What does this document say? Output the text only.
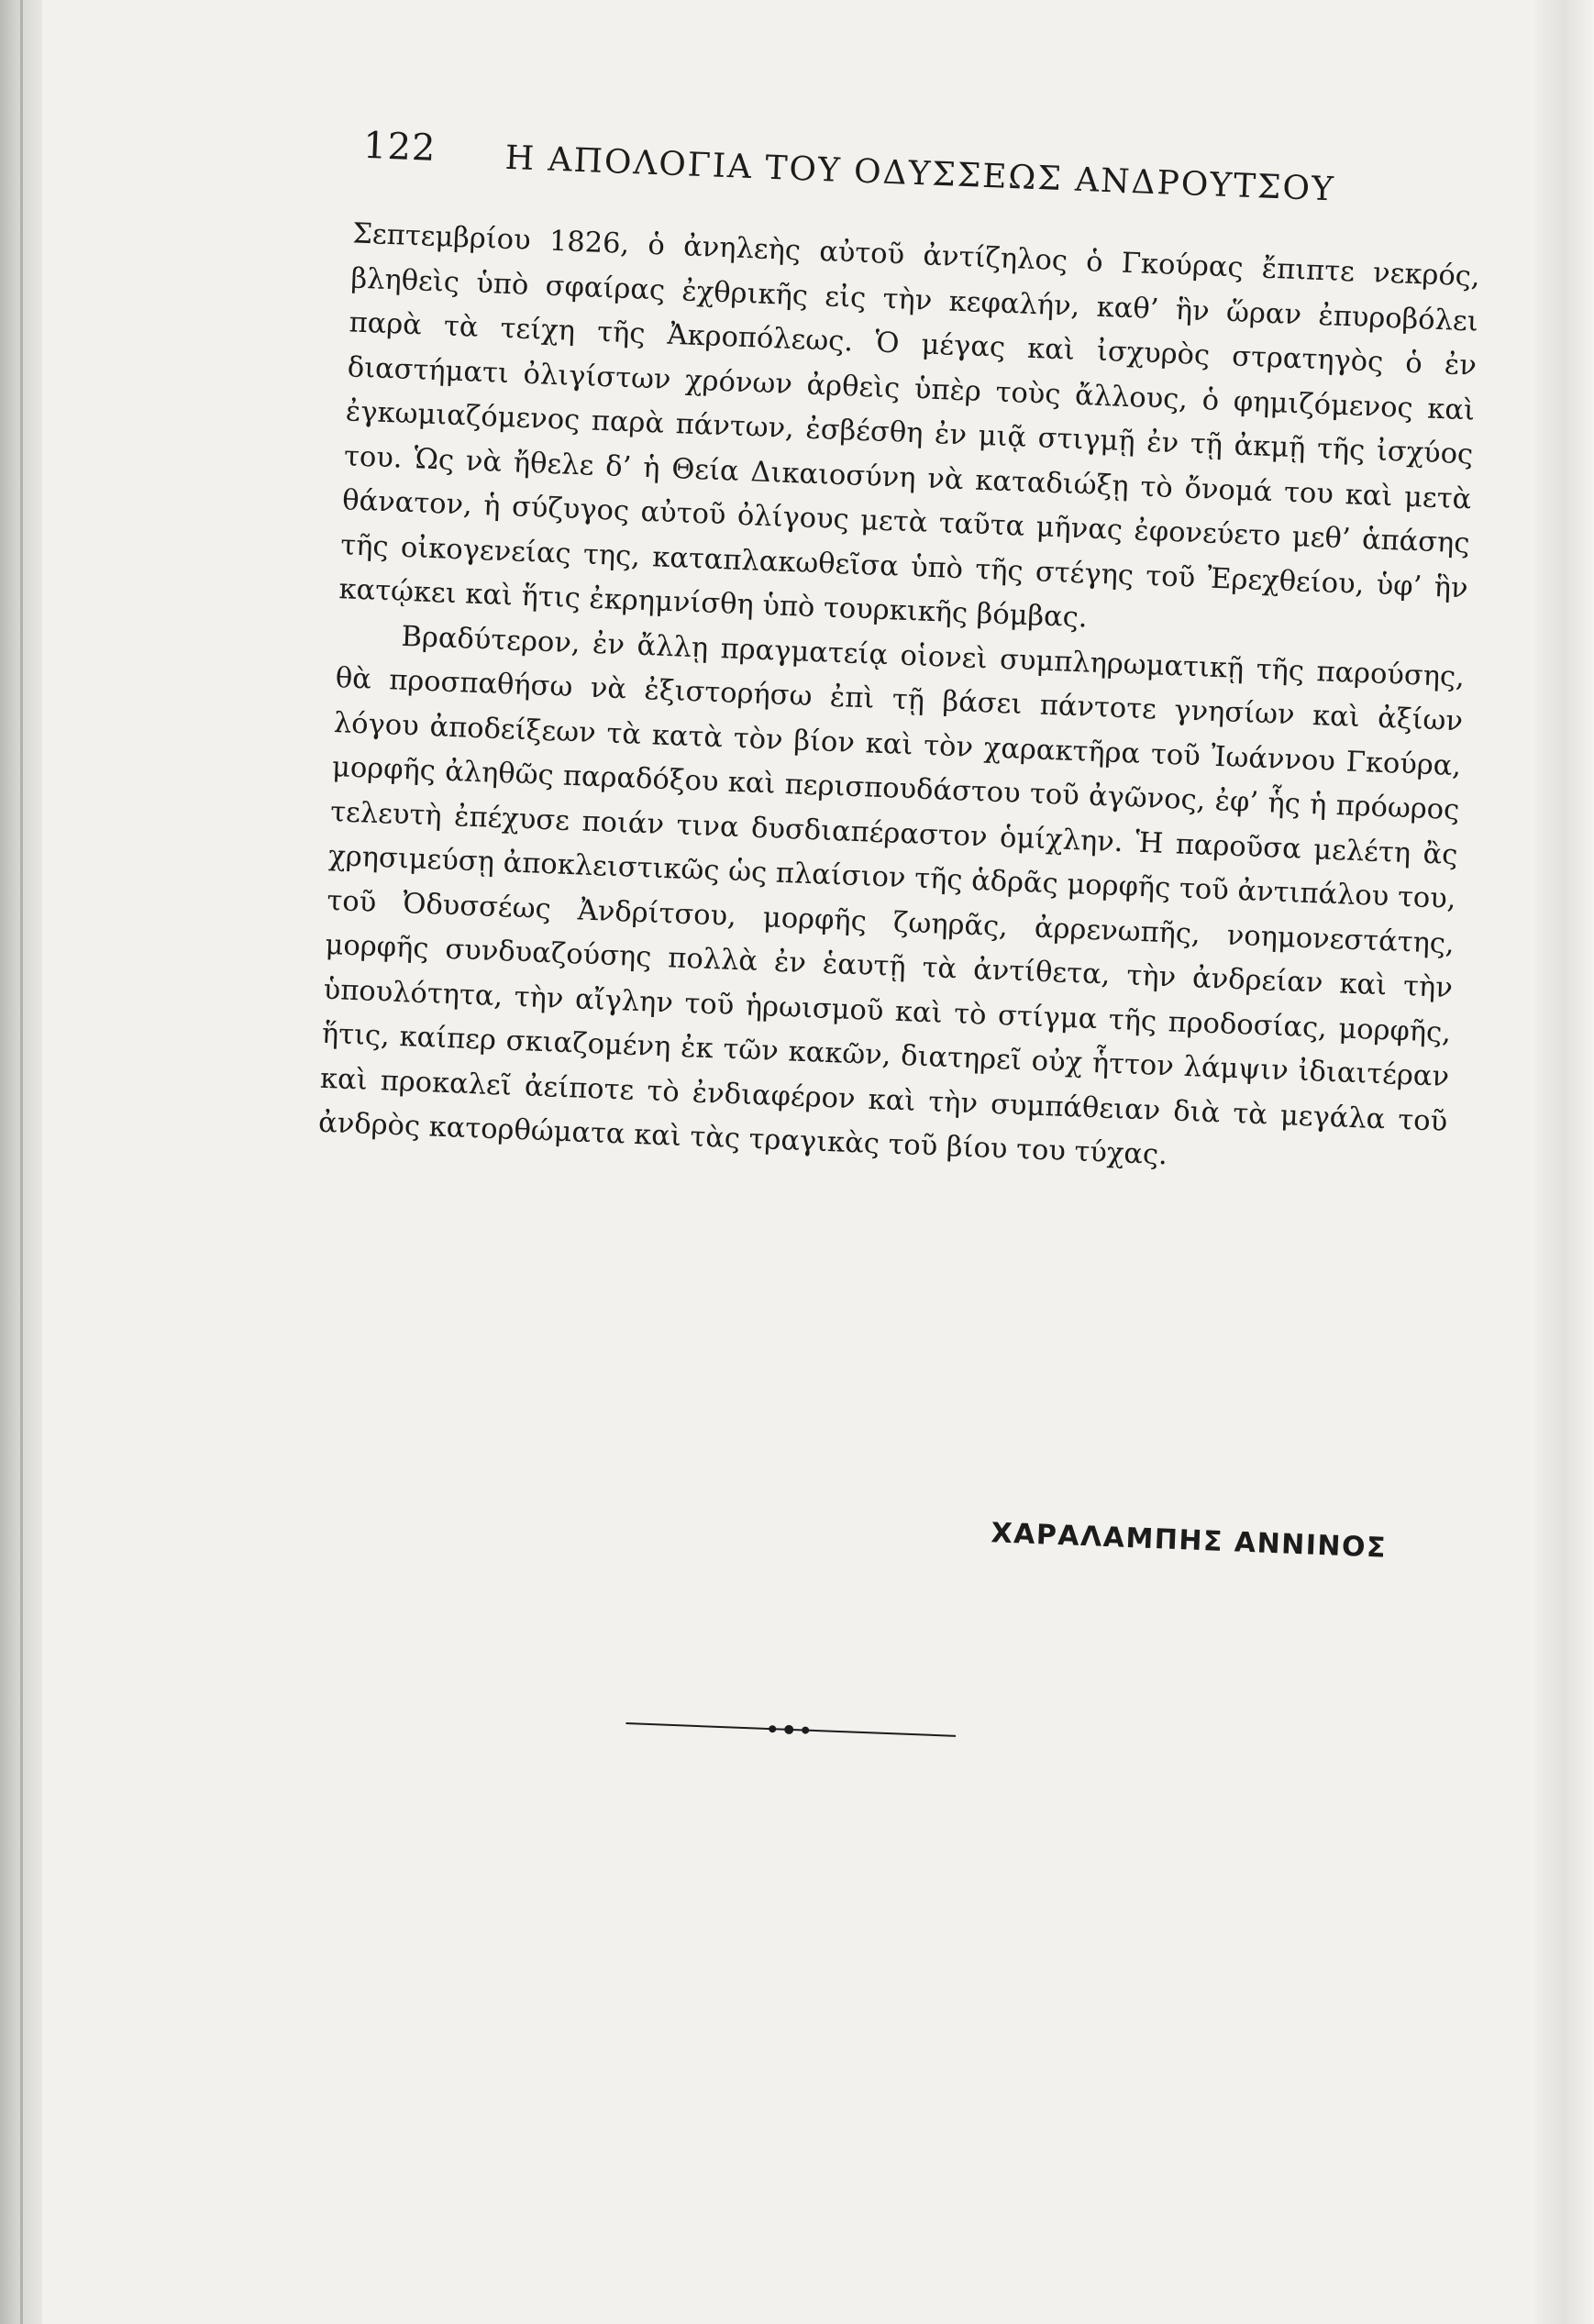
122 Η ΑΠΟΛΟΓΙΑ ΤΟΥ ΟΔΥΣΣΕΩΣ ΑΝΔΡΟΥΤΣΟΥ

Σεπτεμβρίου 1826, ὁ ἀνηλεὴς αὐτοῦ ἀντίζηλος ὁ Γκούρας ἔπιπτε νεκρός, βληθεὶς ὑπὸ σφαίρας ἐχθρικῆς εἰς τὴν κεφαλήν, καθ’ ἣν ὥραν ἐπυροβόλει παρὰ τὰ τείχη τῆς Ἀκροπόλεως. Ὁ μέγας καὶ ἰσχυρὸς στρατηγὸς ὁ ἐν διαστήματι ὀλιγίστων χρόνων ἀρθεὶς ὑπὲρ τοὺς ἄλλους, ὁ φημιζόμενος καὶ ἐγκωμιαζόμενος παρὰ πάντων, ἐσβέσθη ἐν μιᾷ στιγμῇ ἐν τῇ ἀκμῇ τῆς ἰσχύος του. Ὡς νὰ ἤθελε δ’ ἡ Θεία Δικαιοσύνη νὰ καταδιώξῃ τὸ ὄνομά του καὶ μετὰ θάνατον, ἡ σύζυγος αὐτοῦ ὀλίγους μετὰ ταῦτα μῆνας ἐφονεύετο μεθ’ ἁπάσης τῆς οἰκογενείας της, καταπλακωθεῖσα ὑπὸ τῆς στέγης τοῦ Ἐρεχθείου, ὑφ’ ἣν κατῴκει καὶ ἥτις ἐκρημνίσθη ὑπὸ τουρκικῆς βόμβας.

Βραδύτερον, ἐν ἄλλῃ πραγματείᾳ οἱονεὶ συμπληρωματικῇ τῆς παρούσης, θὰ προσπαθήσω νὰ ἐξιστορήσω ἐπὶ τῇ βάσει πάντοτε γνησίων καὶ ἀξίων λόγου ἀποδείξεων τὰ κατὰ τὸν βίον καὶ τὸν χαρακτῆρα τοῦ Ἰωάννου Γκούρα, μορφῆς ἀληθῶς παραδόξου καὶ περισπουδάστου τοῦ ἀγῶνος, ἐφ’ ἧς ἡ πρόωρος τελευτὴ ἐπέχυσε ποιάν τινα δυσδιαπέραστον ὁμίχλην. Ἡ παροῦσα μελέτη ἂς χρησιμεύσῃ ἀποκλειστικῶς ὡς πλαίσιον τῆς ἁδρᾶς μορφῆς τοῦ ἀντιπάλου του, τοῦ Ὀδυσσέως Ἀνδρίτσου, μορφῆς ζωηρᾶς, ἀρρενωπῆς, νοημονεστάτης, μορφῆς συνδυαζούσης πολλὰ ἐν ἑαυτῇ τὰ ἀντίθετα, τὴν ἀνδρείαν καὶ τὴν ὑπουλότητα, τὴν αἴγλην τοῦ ἡρωισμοῦ καὶ τὸ στίγμα τῆς προδοσίας, μορφῆς, ἥτις, καίπερ σκιαζομένη ἐκ τῶν κακῶν, διατηρεῖ οὐχ ἧττον λάμψιν ἰδιαιτέραν καὶ προκαλεῖ ἀείποτε τὸ ἐνδιαφέρον καὶ τὴν συμπάθειαν διὰ τὰ μεγάλα τοῦ ἀνδρὸς κατορθώματα καὶ τὰς τραγικὰς τοῦ βίου του τύχας.

ΧΑΡΑΛΑΜΠΗΣ ΑΝΝΙΝΟΣ
